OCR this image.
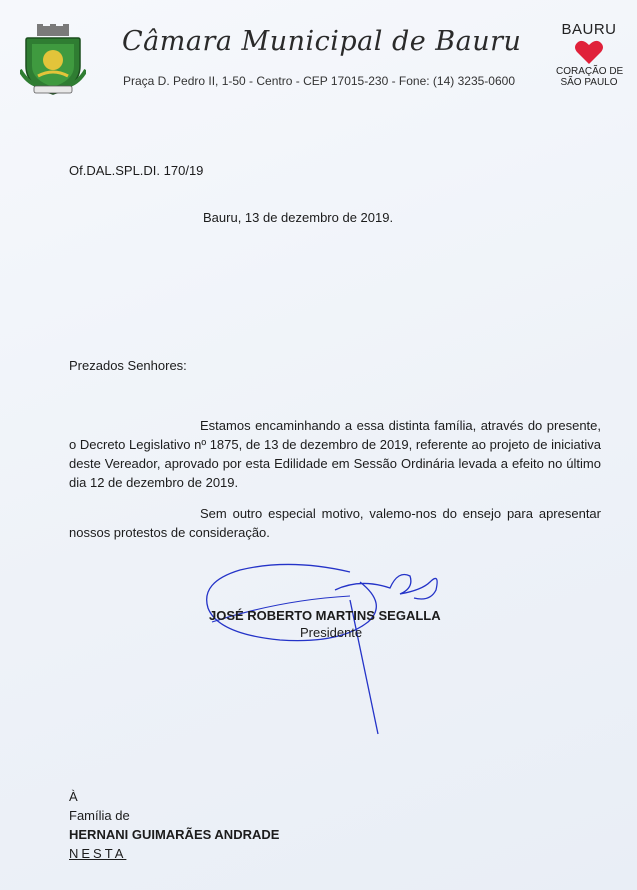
Câmara Municipal de Bauru
Praça D. Pedro II, 1-50 - Centro - CEP 17015-230 - Fone: (14) 3235-0600
BAURU
CORAÇÃO DE
SÃO PAULO
Of.DAL.SPL.DI. 170/19
Bauru, 13 de dezembro de 2019.
Prezados Senhores:
Estamos encaminhando a essa distinta família, através do presente, o Decreto Legislativo nº 1875, de 13 de dezembro de 2019, referente ao projeto de iniciativa deste Vereador, aprovado por esta Edilidade em Sessão Ordinária levada a efeito no último dia 12 de dezembro de 2019.
Sem outro especial motivo, valemo-nos do ensejo para apresentar nossos protestos de consideração.
JOSÉ ROBERTO MARTINS SEGALLA
Presidente
À
Família de
HERNANI GUIMARÃES ANDRADE
NESTA
